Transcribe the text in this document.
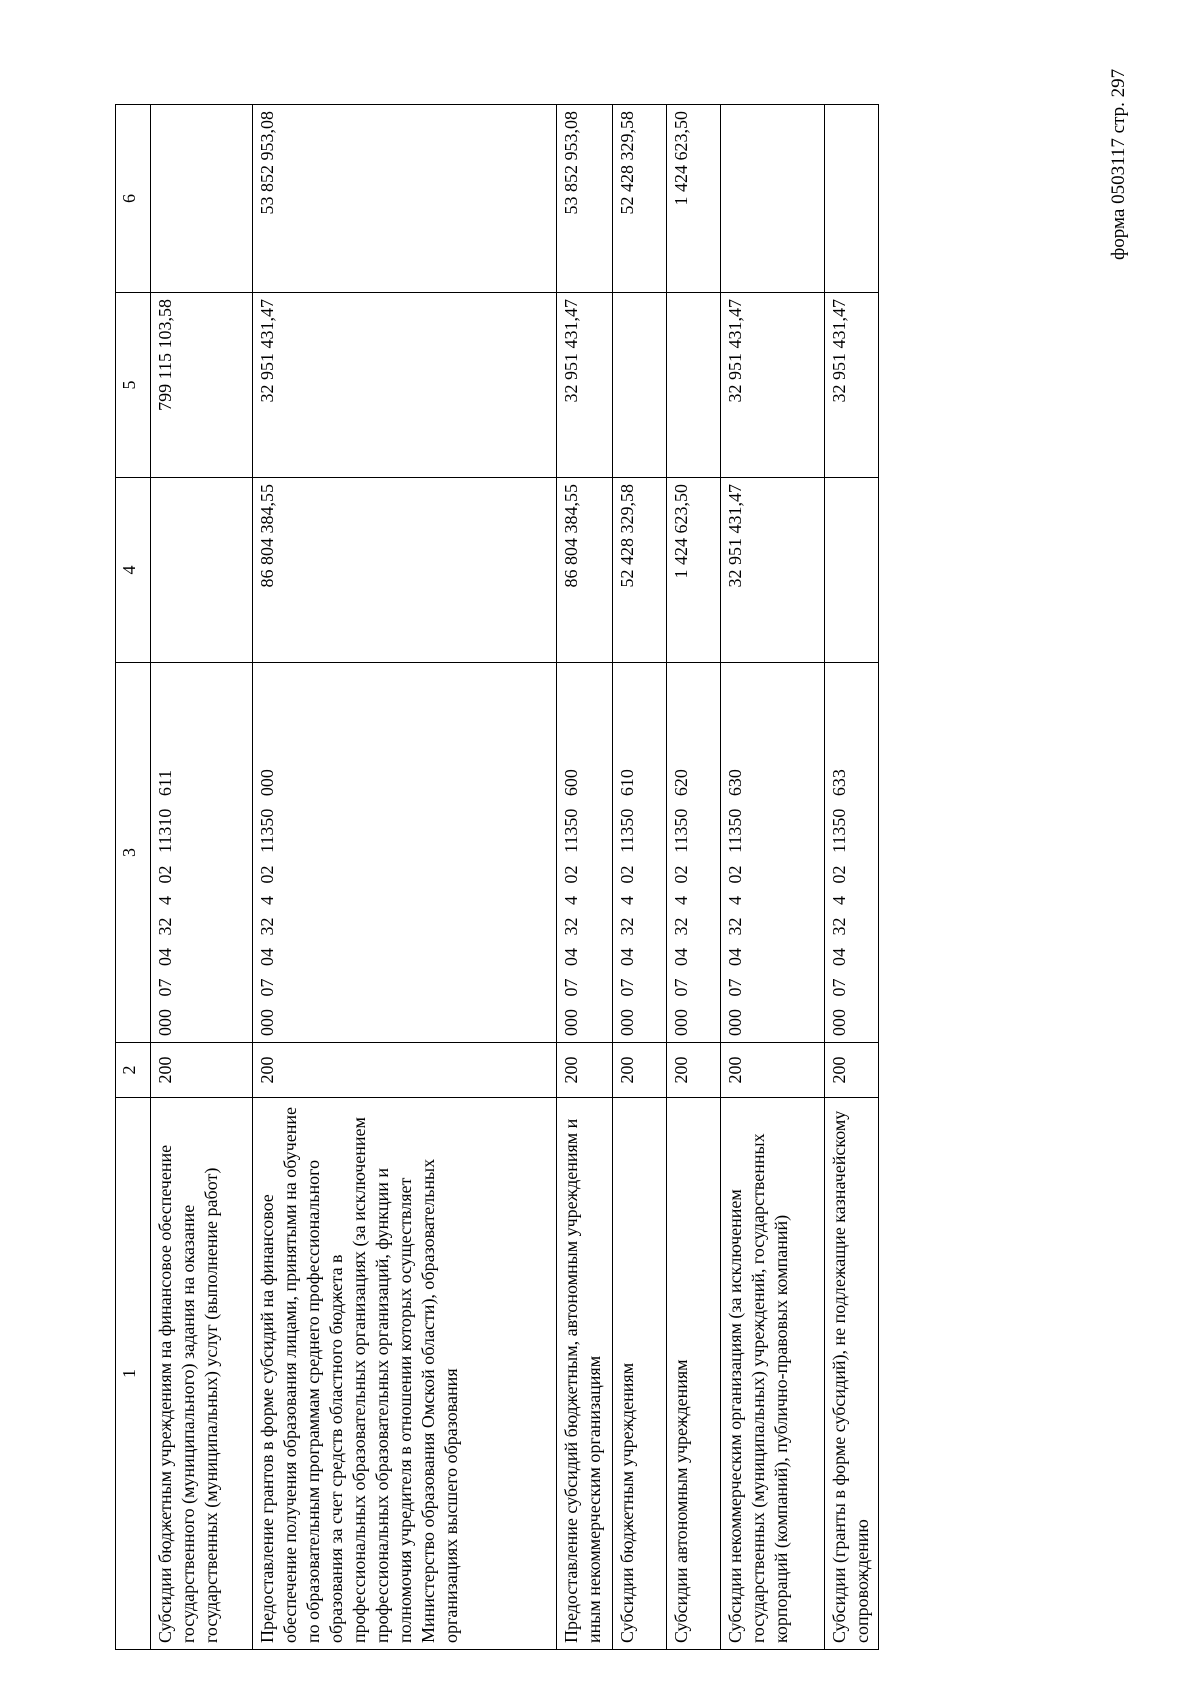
форма 0503117 стр. 297
1	2	3	4	5	6
Субсидии бюджетным учреждениям на финансовое обеспечение государственного (муниципального) задания на оказание государственных (муниципальных) услуг (выполнение работ)	200	000 07 04 32 4 02 11310 611		799 115 103,58	
Предоставление грантов в форме субсидий на финансовое обеспечение получения образования лицами, принятыми на обучение по образовательным программам среднего профессионального образования за счет средств областного бюджета в профессиональных образовательных организациях (за исключением профессиональных образовательных организаций, функции и полномочия учредителя в отношении которых осуществляет Министерство образования Омской области), образовательных организациях высшего образования	200	000 07 04 32 4 02 11350 000	86 804 384,55	32 951 431,47	53 852 953,08
Предоставление субсидий бюджетным, автономным учреждениям и иным некоммерческим организациям	200	000 07 04 32 4 02 11350 600	86 804 384,55	32 951 431,47	53 852 953,08
Субсидии бюджетным учреждениям	200	000 07 04 32 4 02 11350 610	52 428 329,58		52 428 329,58
Субсидии автономным учреждениям	200	000 07 04 32 4 02 11350 620	1 424 623,50		1 424 623,50
Субсидии некоммерческим организациям (за исключением государственных (муниципальных) учреждений, государственных корпораций (компаний), публично-правовых компаний)	200	000 07 04 32 4 02 11350 630	32 951 431,47	32 951 431,47	
Субсидии (гранты в форме субсидий), не подлежащие казначейскому сопровождению	200	000 07 04 32 4 02 11350 633		32 951 431,47	
